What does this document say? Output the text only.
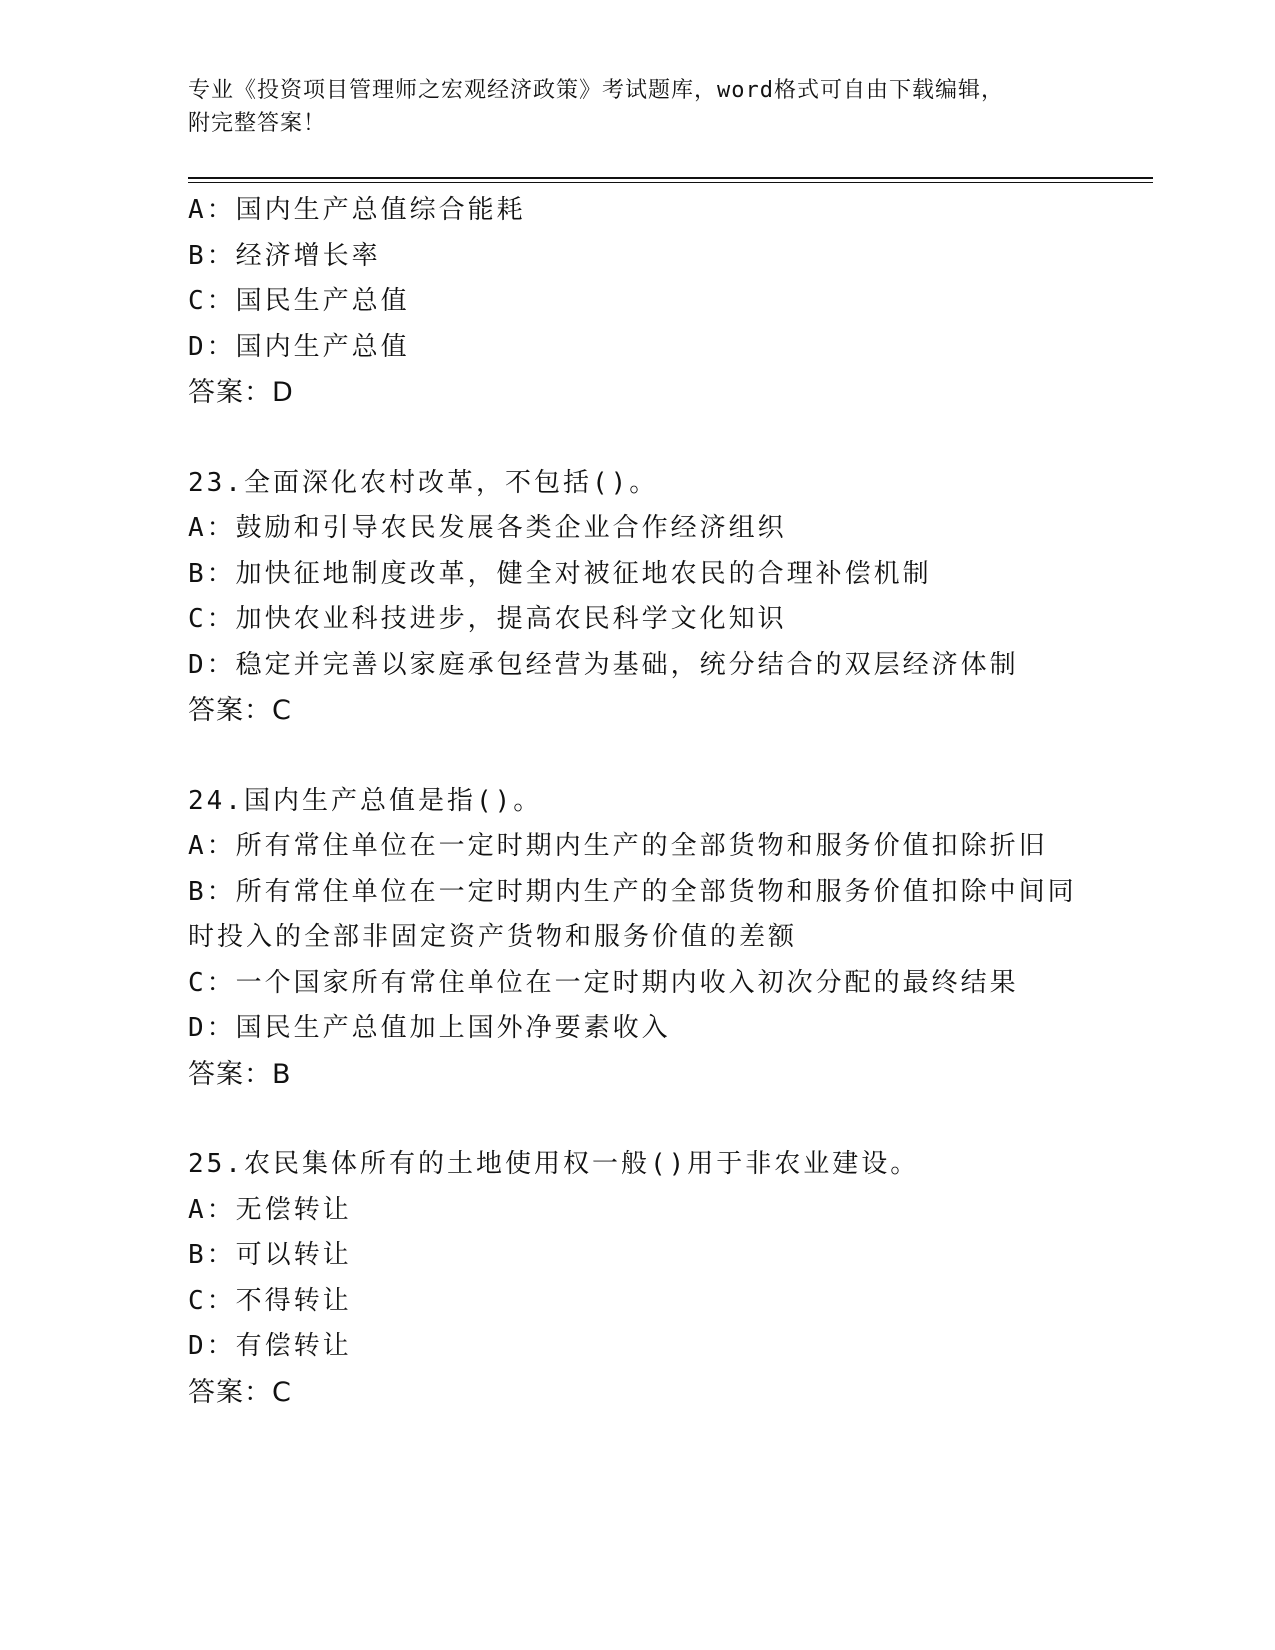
专业《投资项目管理师之宏观经济政策》考试题库，word格式可自由下载编辑，
附完整答案！
A：国内生产总值综合能耗
B：经济增长率
C：国民生产总值
D：国内生产总值
答案：D
23.全面深化农村改革，不包括()。
A：鼓励和引导农民发展各类企业合作经济组织
B：加快征地制度改革，健全对被征地农民的合理补偿机制
C：加快农业科技进步，提高农民科学文化知识
D：稳定并完善以家庭承包经营为基础，统分结合的双层经济体制
答案：C
24.国内生产总值是指()。
A：所有常住单位在一定时期内生产的全部货物和服务价值扣除折旧
B：所有常住单位在一定时期内生产的全部货物和服务价值扣除中间同
时投入的全部非固定资产货物和服务价值的差额
C：一个国家所有常住单位在一定时期内收入初次分配的最终结果
D：国民生产总值加上国外净要素收入
答案：B
25.农民集体所有的土地使用权一般()用于非农业建设。
A：无偿转让
B：可以转让
C：不得转让
D：有偿转让
答案：C
